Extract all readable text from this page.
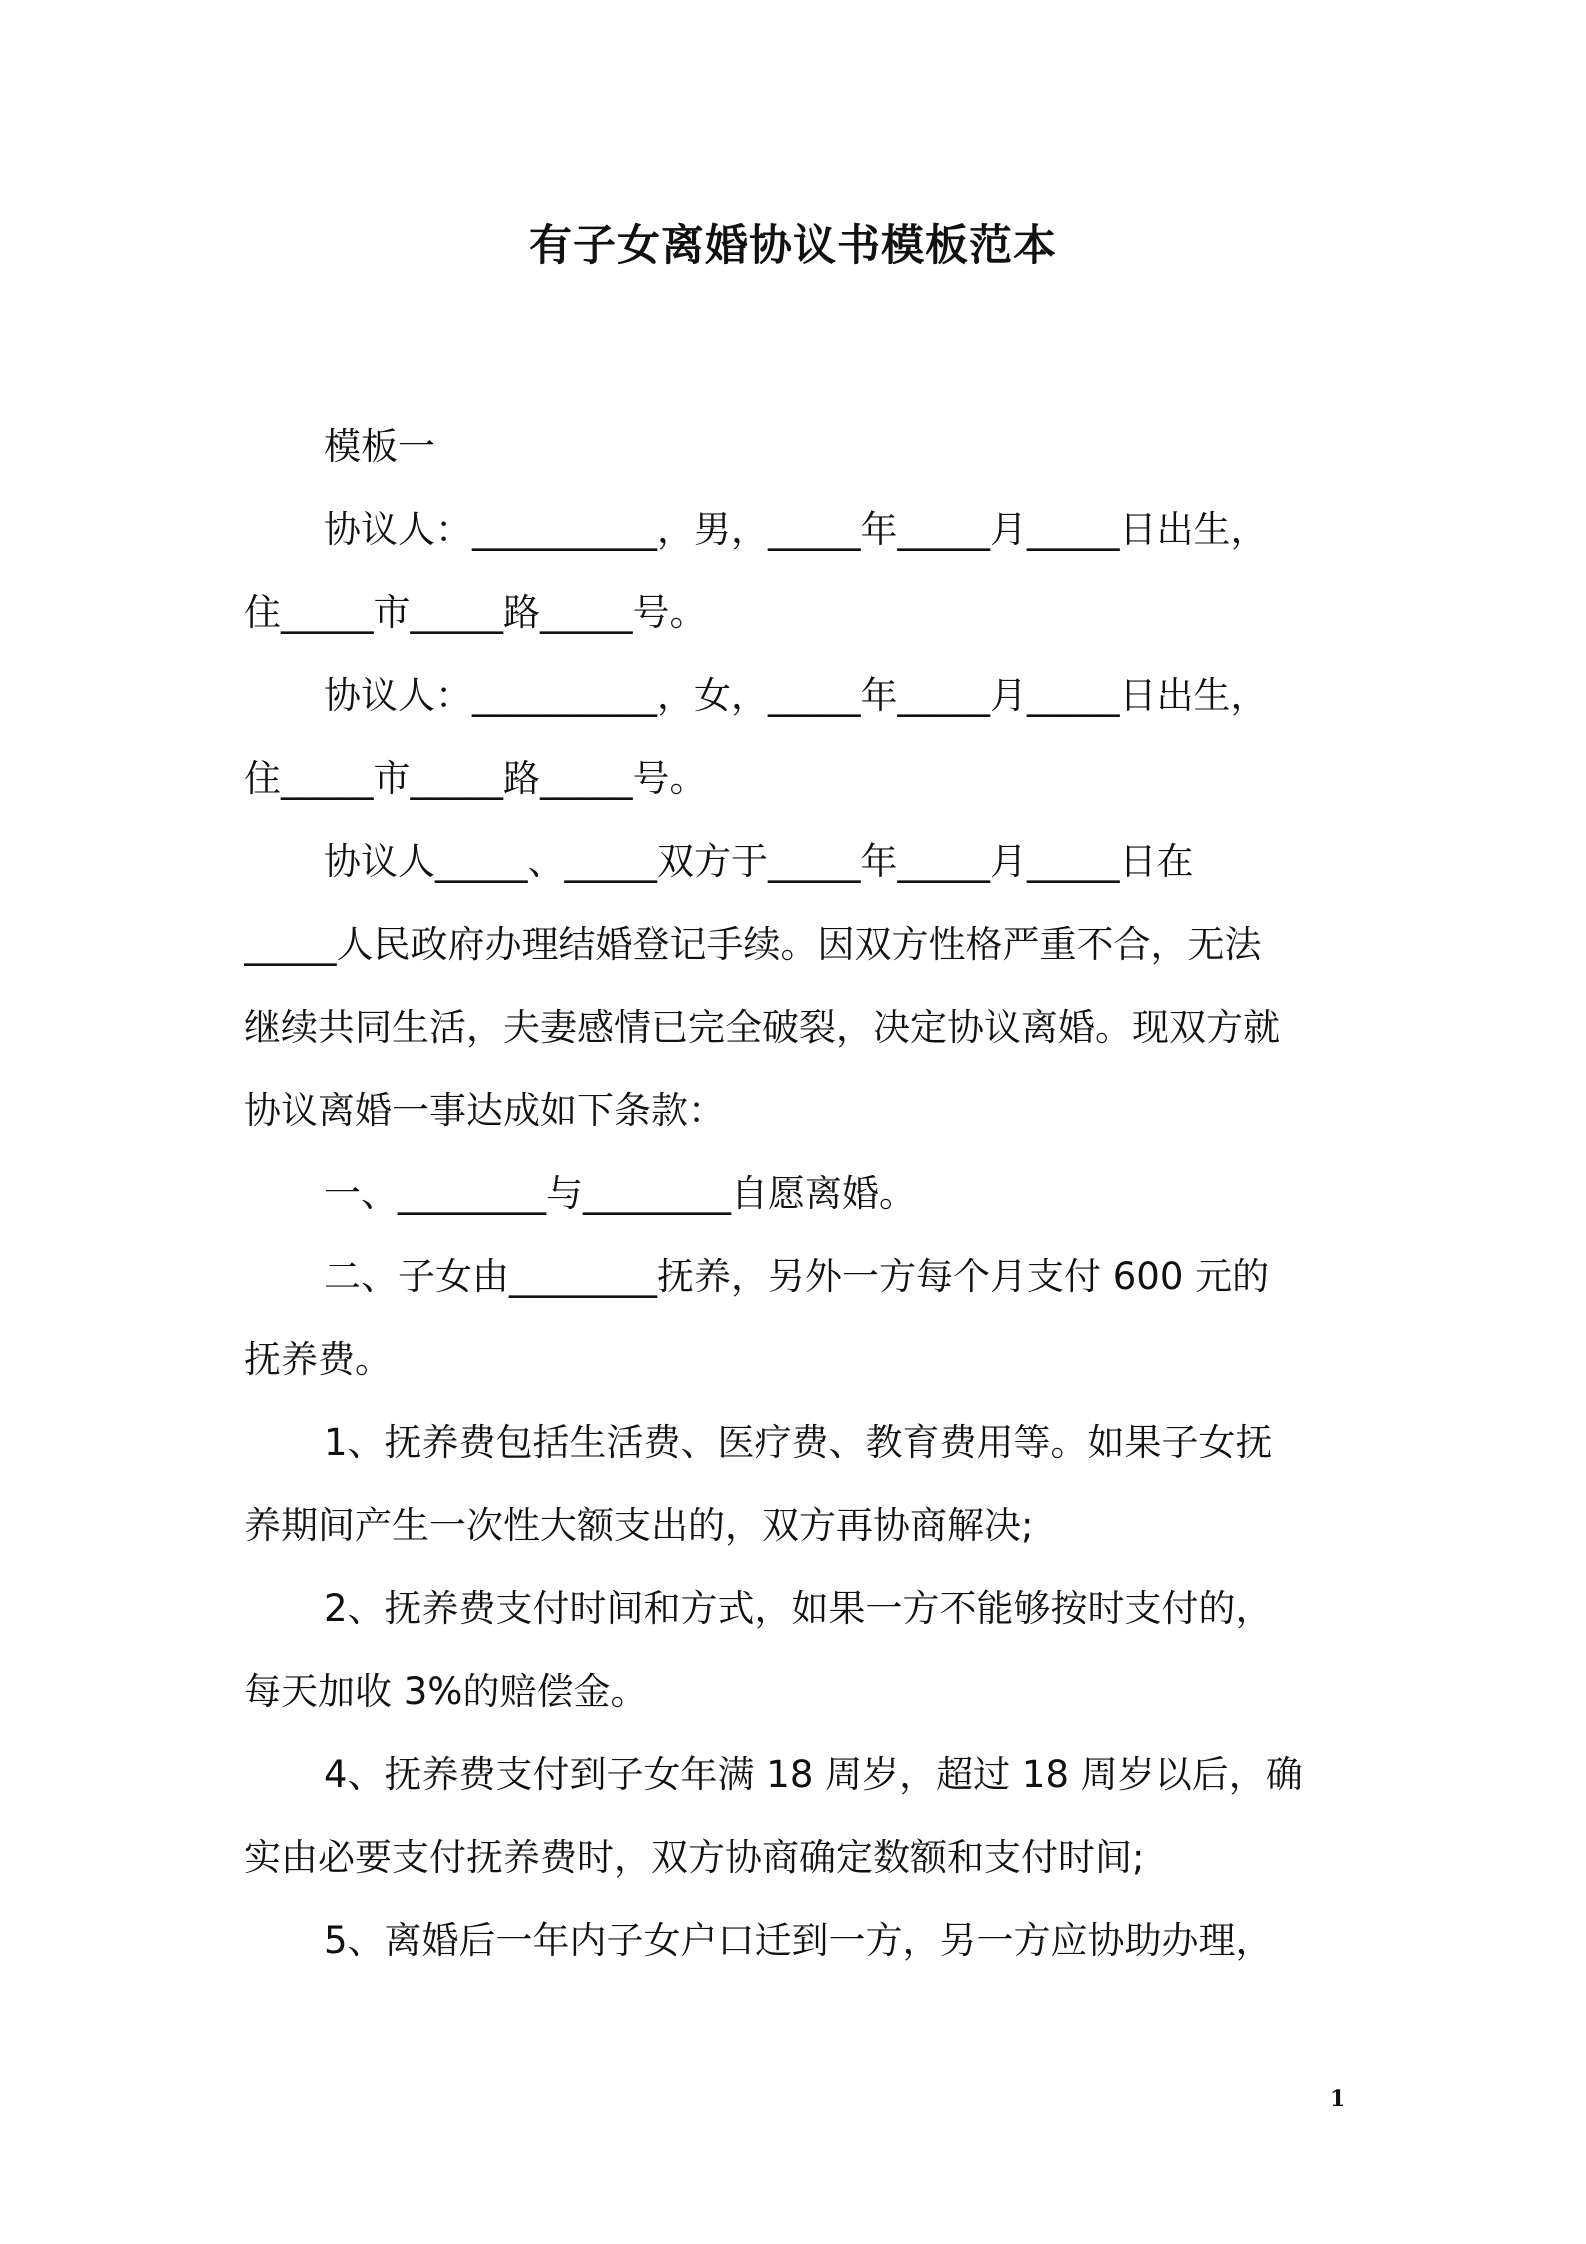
有子女离婚协议书模板范本

模板一

协议人：__________，男，_____年_____月_____日出生，
住_____市_____路_____号。

协议人：__________，女，_____年_____月_____日出生，
住_____市_____路_____号。

协议人_____、_____双方于_____年_____月_____日在
_____人民政府办理结婚登记手续。因双方性格严重不合，无法
继续共同生活，夫妻感情已完全破裂，决定协议离婚。现双方就
协议离婚一事达成如下条款：

一、________与________自愿离婚。

二、子女由________抚养，另外一方每个月支付 600 元的
抚养费。

1、抚养费包括生活费、医疗费、教育费用等。如果子女抚
养期间产生一次性大额支出的，双方再协商解决;

2、抚养费支付时间和方式，如果一方不能够按时支付的，
每天加收 3%的赔偿金。

4、抚养费支付到子女年满 18 周岁，超过 18 周岁以后，确
实由必要支付抚养费时，双方协商确定数额和支付时间;

5、离婚后一年内子女户口迁到一方，另一方应协助办理，

1
